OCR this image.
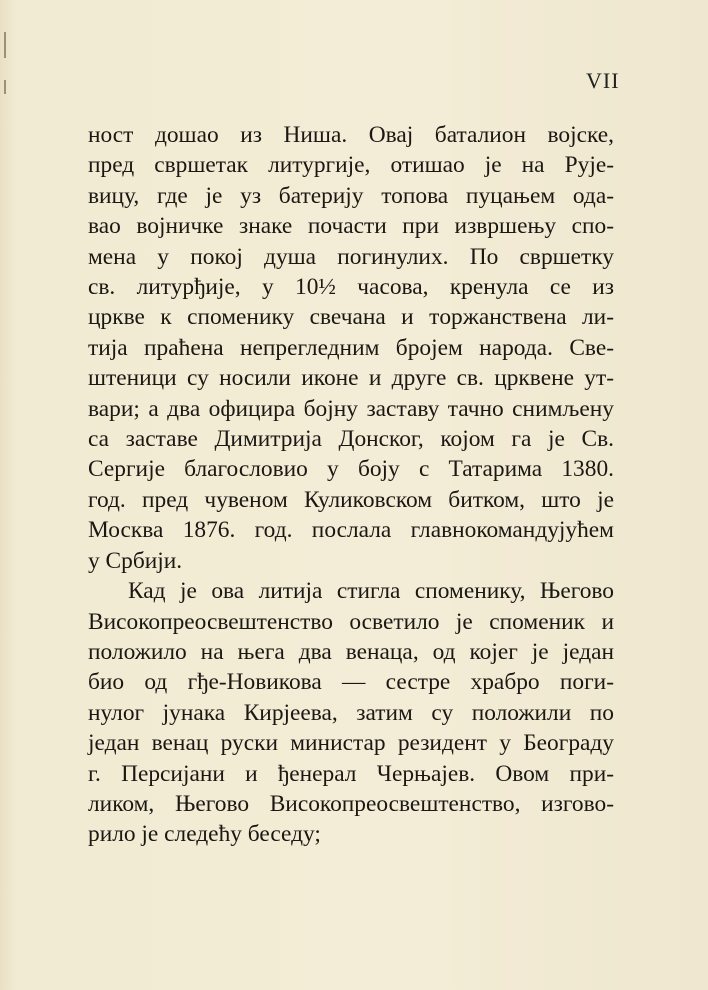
VII
ност дошао из Ниша. Овај баталион војске,
пред свршетак литургије, отишао је на Рује-
вицу, где је уз батерију топова пуцањем ода-
вао војничке знаке почасти при извршењу спо-
мена у покој душа погинулих. По свршетку
св. литурђије, у 10½ часова, кренула се из
цркве к споменику свечана и тoржанствена ли-
тија праћена непрегледним бројем народа. Све-
штеници су носили иконе и друге св. црквене ут-
вари; а два официра бојну заставу тачно снимљену
са заставе Димитрија Донског, којом га је Св.
Сергије благословио у боју с Татарима 1380.
год. пред чувеном Куликовском битком, што је
Москва 1876. год. послала главнокомандујућем
у Србији.
Кад је ова литија стигла споменику, Његово
Високопреосвештенство осветило је споменик и
положило на њега два венаца, од којег је један
био од гђе-Новикова — сестре храбро поги-
нулог јунака Кирјеева, затим су положили по
један венац руски министар резидент у Београду
г. Персијани и ђенерал Черњајев. Овом при-
ликом, Његово Високопреосвештенство, изгово-
рило је следећу беседу;
